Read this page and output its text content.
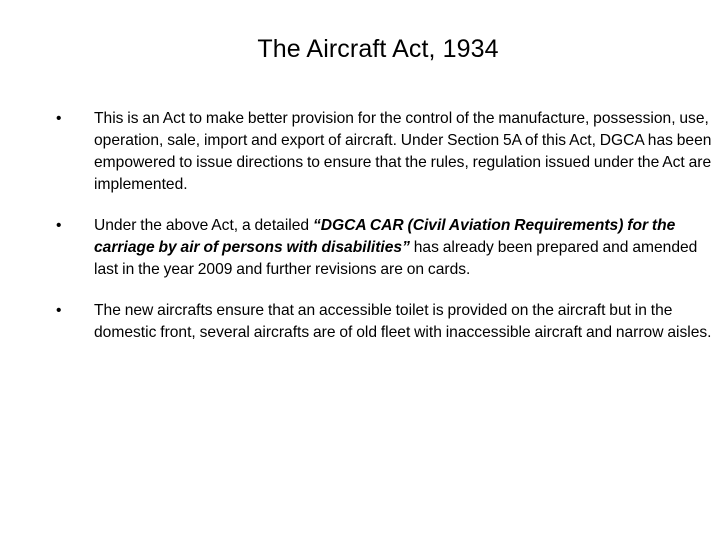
The Aircraft Act, 1934
• This is an Act to make better provision for the control of the manufacture, possession, use, operation, sale, import and export of aircraft. Under Section 5A of this Act, DGCA has been empowered to issue directions to ensure that the rules, regulation issued under the Act are implemented.
• Under the above Act, a detailed “DGCA CAR (Civil Aviation Requirements) for the carriage by air of persons with disabilities” has already been prepared and amended last in the year 2009 and further revisions are on cards.
• The new aircrafts ensure that an accessible toilet is provided on the aircraft but in the domestic front, several aircrafts are of old fleet with inaccessible aircraft and narrow aisles.
